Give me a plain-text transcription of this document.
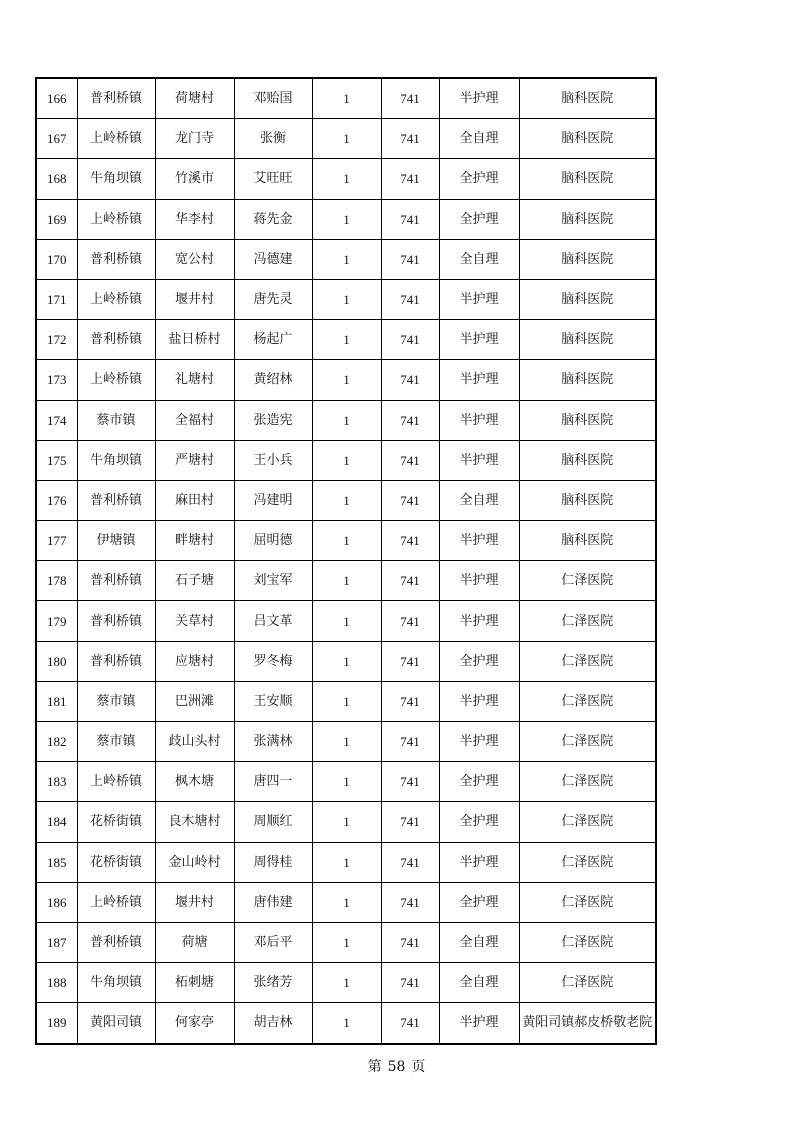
166	普利桥镇	荷塘村	邓贻国	1	741	半护理	脑科医院
167	上岭桥镇	龙门寺	张衡	1	741	全自理	脑科医院
168	牛角坝镇	竹溪市	艾旺旺	1	741	全护理	脑科医院
169	上岭桥镇	华李村	蒋先金	1	741	全护理	脑科医院
170	普利桥镇	宽公村	冯德建	1	741	全自理	脑科医院
171	上岭桥镇	堰井村	唐先灵	1	741	半护理	脑科医院
172	普利桥镇	盐日桥村	杨起广	1	741	半护理	脑科医院
173	上岭桥镇	礼塘村	黄绍林	1	741	半护理	脑科医院
174	蔡市镇	全福村	张造宪	1	741	半护理	脑科医院
175	牛角坝镇	严塘村	王小兵	1	741	半护理	脑科医院
176	普利桥镇	麻田村	冯建明	1	741	全自理	脑科医院
177	伊塘镇	畔塘村	屈明德	1	741	半护理	脑科医院
178	普利桥镇	石子塘	刘宝军	1	741	半护理	仁泽医院
179	普利桥镇	关草村	吕文革	1	741	半护理	仁泽医院
180	普利桥镇	应塘村	罗冬梅	1	741	全护理	仁泽医院
181	蔡市镇	巴洲滩	王安顺	1	741	半护理	仁泽医院
182	蔡市镇	歧山头村	张满林	1	741	半护理	仁泽医院
183	上岭桥镇	枫木塘	唐四一	1	741	全护理	仁泽医院
184	花桥街镇	良木塘村	周顺红	1	741	全护理	仁泽医院
185	花桥街镇	金山岭村	周得桂	1	741	半护理	仁泽医院
186	上岭桥镇	堰井村	唐伟建	1	741	全护理	仁泽医院
187	普利桥镇	荷塘	邓后平	1	741	全自理	仁泽医院
188	牛角坝镇	柘刺塘	张绪芳	1	741	全自理	仁泽医院
189	黄阳司镇	何家亭	胡吉林	1	741	半护理	黄阳司镇郝皮桥敬老院
第 58 页
